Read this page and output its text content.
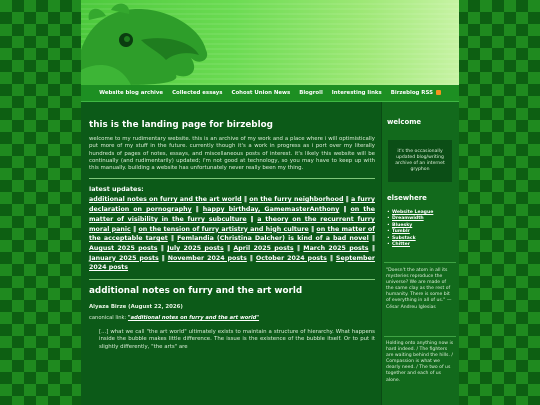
Website blog archive Collected essays Cohost Union News Blogroll Interesting links Birzeblog RSS
this is the landing page for birzeblog

welcome to my rudimentary website. this is an archive of my work and a place where i will optimistically put more of my stuff in the future. currently though it's a work in progress as i port over my literally hundreds of pages of notes, essays, and miscellaneous posts of interest. it's likely this website will be continually (and rudimentarily) updated; i'm not good at technology, so you may have to keep up with this manually. building a website has unfortunately never really been my thing.

latest updates:
additional notes on furry and the art world ‖ on the furry neighborhood ‖ a furry declaration on pornography ‖ happy birthday, GamemasterAnthony ‖ on the matter of visibility in the furry subculture ‖ a theory on the recurrent furry moral panic ‖ on the tension of furry artistry and high culture ‖ on the matter of the acceptable target ‖ Femlandia (Christina Dalcher) is kind of a bad novel ‖ August 2025 posts ‖ July 2025 posts ‖ April 2025 posts ‖ March 2025 posts ‖ January 2025 posts ‖ November 2024 posts ‖ October 2024 posts ‖ September 2024 posts
additional notes on furry and the art world
Alyaza Birze (August 22, 2026)
canonical link: "additional notes on furry and the art world"
[...] what we call "the art world" ultimately exists to maintain a structure of hierarchy. What happens inside the bubble makes little difference. The issue is the existence of the bubble itself. Or to put it slightly differently, "the arts" are
welcome
it's the occasionally updated blog/writing archive of an internet gryphon
elsewhere
• Website League
• Dreamwidth
• Bluesky
• Tumblr
• Substack
• Chitter
"Doesn't the atom in all its mysteries reproduce the universe? We are made of the same clay as the rest of humanity. There is some bit of everything in all of us." —César Andreu Iglesias
Holding onto anything now is hard indeed. / The fighters are waiting behind the hills. / Compassion is what we dearly need. / The two of us together and each of us alone.
